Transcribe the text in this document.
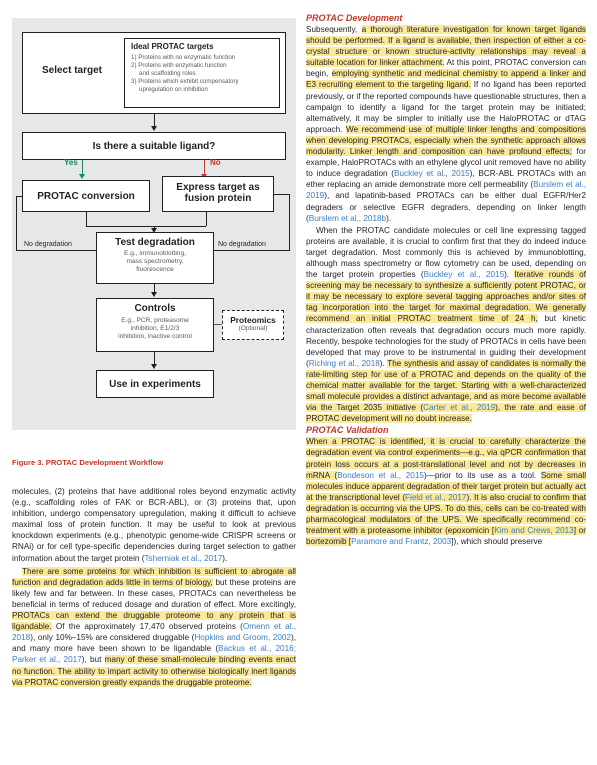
Select target
Ideal PROTAC targets
1) Proteins with no enzymatic function
2) Proteins with enzymatic function
and scaffolding roles
3) Proteins which exhibit compensatory
upregulation on inhibition
Is there a suitable ligand?
Yes	No
PROTAC conversion
Express target as
fusion protein
No degradation	No degradation
Test degradation
E.g., immunoblotting,
mass spectrometry,
fluorescence
Controls
E.g., PCR, proteasome
inhibition, E1/2/3
inhibition, inactive control
Proteomics
(Optional)
Use in experiments
Figure 3. PROTAC Development Workflow

molecules, (2) proteins that have additional roles beyond enzymatic activity (e.g., scaffolding roles of FAK or BCR-ABL), or (3) proteins that, upon inhibition, undergo compensatory upregulation, making it difficult to achieve maximal loss of protein function. It may be useful to look at previous knockdown experiments (e.g., phenotypic genome-wide CRISPR screens or RNAi) or for cell type-specific dependencies during target selection to gather information about the target protein (Tsherniak et al., 2017).

There are some proteins for which inhibition is sufficient to abrogate all function and degradation adds little in terms of biology, but these proteins are likely few and far between. In these cases, PROTACs can nevertheless be beneficial in terms of reduced dosage and duration of effect. More excitingly, PROTACs can extend the druggable proteome to any protein that is ligandable. Of the approximately 17,470 observed proteins (Omenn et al., 2018), only 10%–15% are considered druggable (Hopkins and Groom, 2002), and many more have been shown to be ligandable (Backus et al., 2016; Parker et al., 2017), but many of these small-molecule binding events enact no function. The ability to impart activity to otherwise biologically inert ligands via PROTAC conversion greatly expands the druggable proteome.

PROTAC Development

Subsequently, a thorough literature investigation for known target ligands should be performed. If a ligand is available, then inspection of either a co-crystal structure or known structure-activity relationships may reveal a suitable location for linker attachment. At this point, PROTAC conversion can begin, employing synthetic and medicinal chemistry to append a linker and E3 recruiting element to the targeting ligand. If no ligand has been reported previously, or if the reported compounds have questionable structures, then a campaign to identify a ligand for the target protein may be initiated; alternatively, it may be simpler to initially use the HaloPROTAC or dTAG approach. We recommend use of multiple linker lengths and compositions when developing PROTACs, especially when the synthetic approach allows modularity. Linker length and composition can have profound effects; for example, HaloPROTACs with an ethylene glycol unit removed have no ability to induce degradation (Buckley et al., 2015), BCR-ABL PROTACs with an ether replacing an amide demonstrate more cell permeability (Burslem et al., 2019), and lapatinib-based PROTACs can be either dual EGFR/Her2 degraders or selective EGFR degraders, depending on linker length (Burslem et al., 2018b).

When the PROTAC candidate molecules or cell line expressing tagged proteins are available, it is crucial to confirm first that they do indeed induce target degradation. Most commonly this is achieved by immunoblotting, although mass spectrometry or flow cytometry can be used, depending on the target protein properties (Buckley et al., 2015). Iterative rounds of screening may be necessary to synthesize a sufficiently potent PROTAC, or it may be necessary to explore several tagging approaches and/or sites of tag incorporation into the target for maximal degradation. We generally recommend an initial PROTAC treatment time of 24 h, but kinetic characterization often reveals that degradation occurs much more rapidly. Recently, bespoke technologies for the study of PROTACs in cells have been developed that may prove to be instrumental in guiding their development (Riching et al., 2018). The synthesis and assay of candidates is normally the rate-limiting step for use of a PROTAC and depends on the quality of the chemical matter available for the target. Starting with a well-characterized small molecule provides a distinct advantage, and as more become available via the Target 2035 initiative (Carter et al., 2019), the rate and ease of PROTAC development will no doubt increase.

PROTAC Validation

When a PROTAC is identified, it is crucial to carefully characterize the degradation event via control experiments—e.g., via qPCR confirmation that protein loss occurs at a post-translational level and not by decreases in mRNA (Bondeson et al., 2015)—prior to its use as a tool. Some small molecules induce apparent degradation of their target protein but actually act at the transcriptional level (Field et al., 2017). It is also crucial to confirm that degradation is occurring via the UPS. To do this, cells can be co-treated with pharmacological modulators of the UPS. We specifically recommend co-treatment with a proteasome inhibitor (epoxomicin [Kim and Crews, 2013] or bortezomib [Paramore and Frantz, 2003]), which should preserve
